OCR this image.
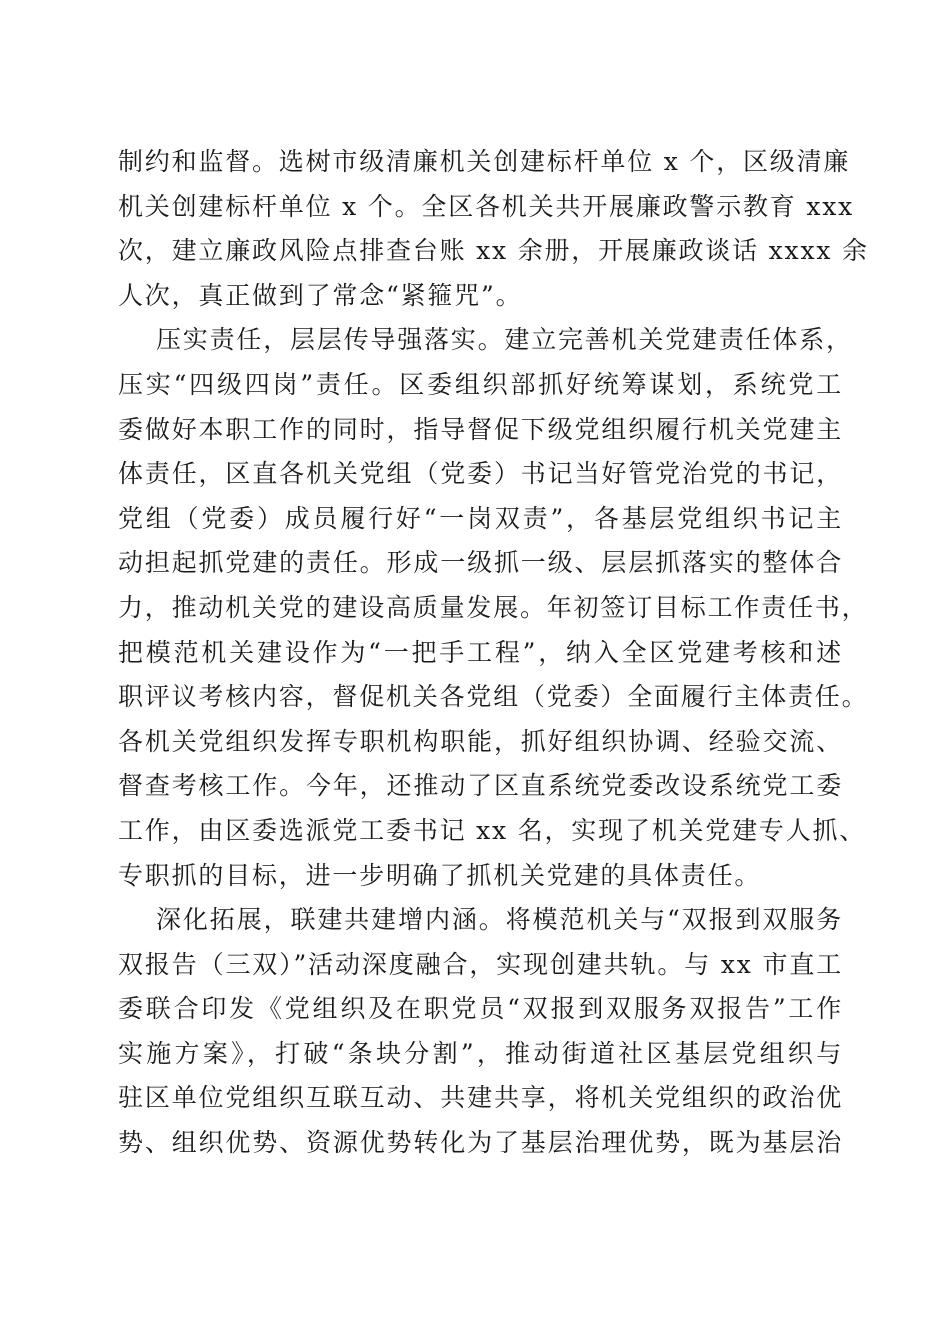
制约和监督。选树市级清廉机关创建标杆单位 x 个，区级清廉
机关创建标杆单位 x 个。全区各机关共开展廉政警示教育 xxx
次，建立廉政风险点排查台账 xx 余册，开展廉政谈话 xxxx 余
人次，真正做到了常念“紧箍咒”。
压实责任，层层传导强落实。建立完善机关党建责任体系，
压实“四级四岗”责任。区委组织部抓好统筹谋划，系统党工
委做好本职工作的同时，指导督促下级党组织履行机关党建主
体责任，区直各机关党组（党委）书记当好管党治党的书记，
党组（党委）成员履行好“一岗双责”，各基层党组织书记主
动担起抓党建的责任。形成一级抓一级、层层抓落实的整体合
力，推动机关党的建设高质量发展。年初签订目标工作责任书，
把模范机关建设作为“一把手工程”，纳入全区党建考核和述
职评议考核内容，督促机关各党组（党委）全面履行主体责任。
各机关党组织发挥专职机构职能，抓好组织协调、经验交流、
督查考核工作。今年，还推动了区直系统党委改设系统党工委
工作，由区委选派党工委书记 xx 名，实现了机关党建专人抓、
专职抓的目标，进一步明确了抓机关党建的具体责任。
深化拓展，联建共建增内涵。将模范机关与“双报到双服务
双报告（三双）”活动深度融合，实现创建共轨。与 xx 市直工
委联合印发《党组织及在职党员“双报到双服务双报告”工作
实施方案》，打破“条块分割”，推动街道社区基层党组织与
驻区单位党组织互联互动、共建共享，将机关党组织的政治优
势、组织优势、资源优势转化为了基层治理优势，既为基层治
